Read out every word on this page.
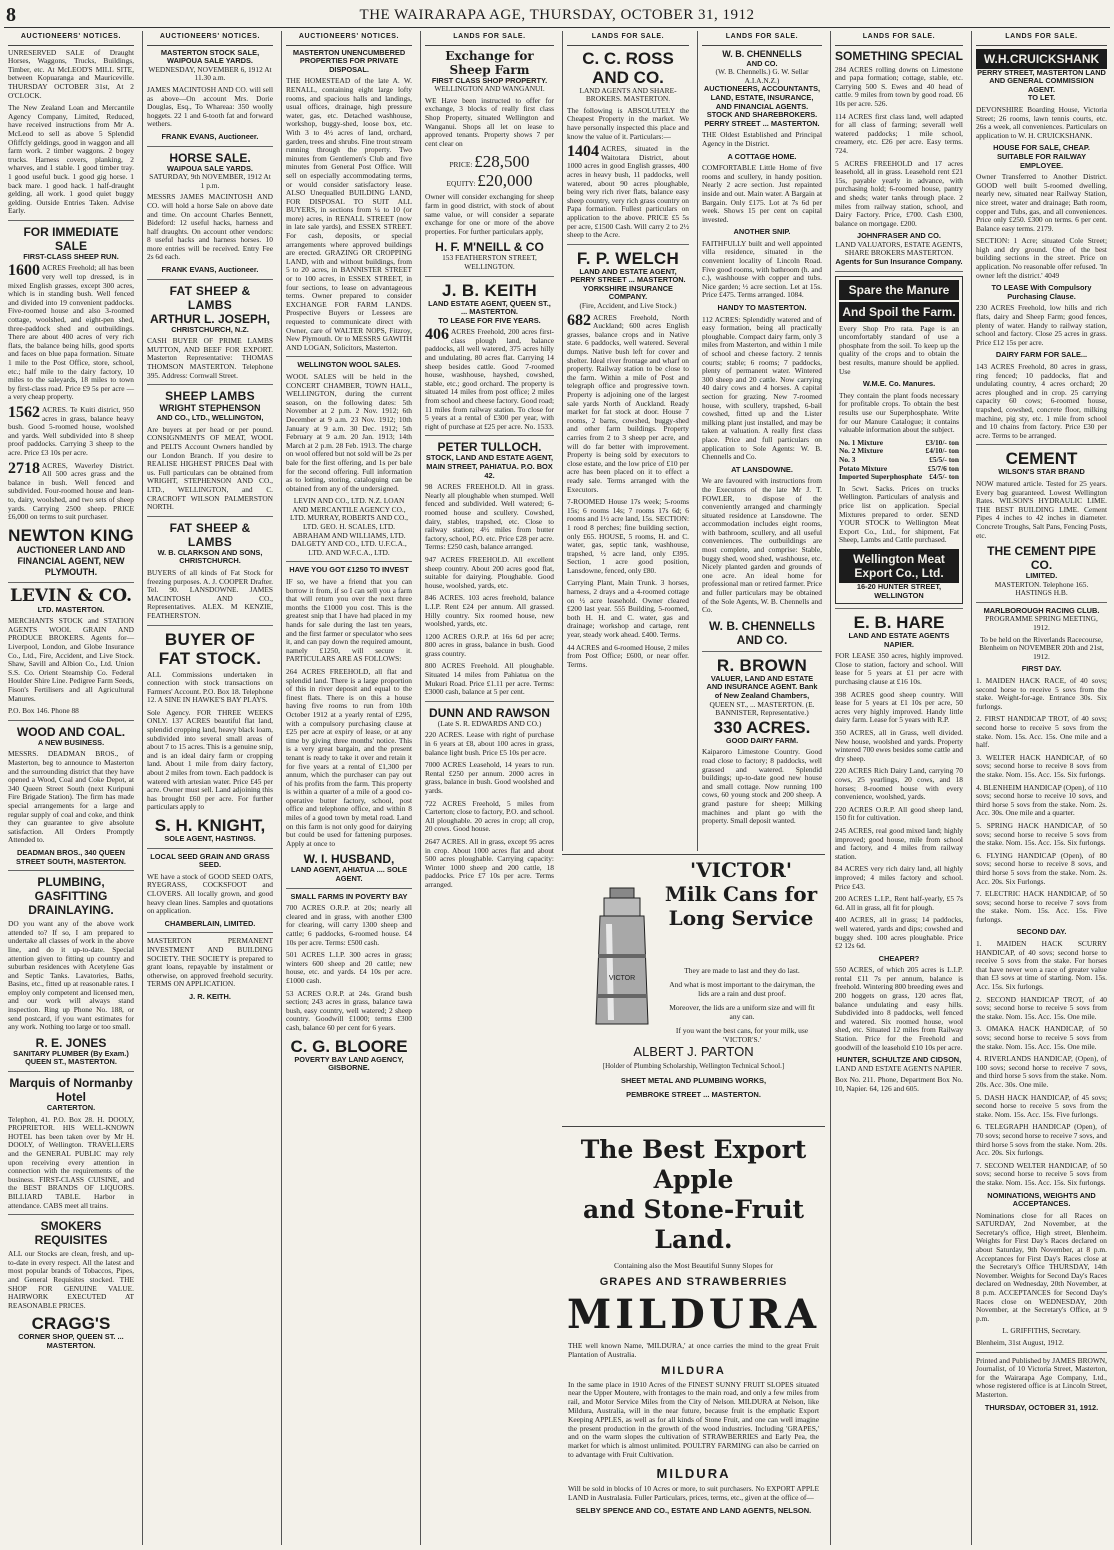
8	THE WAIRARAPA AGE, THURSDAY, OCTOBER 31, 1912
AUCTIONEERS' NOTICES.
UNRESERVED SALE of Draught Horses, Waggons, Trucks, Buildings, Timber, etc. At McLEOD'S MILL SITE, between Kopuaranga and Mauriceville. THURSDAY OCTOBER 31st, At 2 O'CLOCK.
The New Zealand Loan and Mercantile Agency Company, Limited, Reduced, have received instructions from Mr A. McLeod to sell as above 5 Splendid Ofiffcly geldings, good in waggon and all farm work. 2 timber waggons. 2 bogey trucks. Harness covers, planking, 2 wharves, and 1 stable. 1 good timber tray. 1 good useful buck. 1 good gig horse. 1 back mare. 1 good hack. 1 half-draught gelding, all work. 1 good quiet buggy gelding. Outside Entries Taken. Advise Early.
FOR IMMEDIATE SALE
FIRST-CLASS SHEEP RUN.
1600 ACRES Freehold; all has been very well top dressed, is in mixed English grasses, except 300 acres, which is in standing bush. Well fenced and divided into 19 convenient paddocks. Five-roomed house and also 3-roomed cottage, woolshed, and eight-pen shed, three-paddock shed and outbuildings. There are about 400 acres of very rich flats, the balance being hills, good sports and faces on blue papa formation. Situate 1 mile to the Post Office, store, school, etc.; half mile to the dairy factory, 10 miles to the saleyards, 18 miles to town by first-class road. Price £9 5s per acre — a very cheap property.
1562 ACRES. Te Kuiti district, 950 acres in grass, balance heavy bush. Good 5-roomed house, woolshed and yards. Well subdivided into 8 sheep proof paddocks. Carrying 3 sheep to the acre. Price £3 10s per acre.
2718 ACRES, Waverley District. All 500 acres grass and the balance in bush. Well fenced and subdivided. Four-roomed house and lean-to, dairy, woolshed, and two sets of sheep yards. Carrying 2500 sheep. PRICE £6,000 on terms to suit purchaser.
NEWTON KING
AUCTIONEER LAND AND FINANCIAL AGENT, NEW PLYMOUTH.
LEVIN & CO.
LTD. MASTERTON.
MERCHANTS STOCK and STATION AGENTS WOOL GRAIN AND PRODUCE BROKERS. Agents for—Liverpool, London, and Globe Insurance Co., Ltd., Fire, Accident, and Live Stock. Shaw, Savill and Albion Co., Ltd. Union S.S. Co. Orient Steamship Co. Federal Houlder Shire Line. Pedigree Farm Seeds, Fison's Fertilisers and all Agricultural Manures.
P.O. Box 146. Phone 88
WOOD AND COAL.
A NEW BUSINESS.
MESSRS. DEADMAN BROS., of Masterton, beg to announce to Masterton and the surrounding district that they have opened a Wood, Coal and Coke Depot, at 340 Queen Street South (next Kuripuni Fire Brigade Station). The firm has made special arrangements for a large and regular supply of coal and coke, and think they can guarantee to give absolute satisfaction. All Orders Promptly Attended to.
DEADMAN BROS., 340 QUEEN STREET SOUTH, MASTERTON.
PLUMBING, GASFITTING DRAINLAYING.
DO you want any of the above work attended to? If so, I am prepared to undertake all classes of work in the above line, and do it up-to-date. Special attention given to fitting up country and suburban residences with Acetylene Gas and Septic Tanks. Lavatories, Baths, Basins, etc., fitted up at reasonable rates. I employ only competent and licensed men, and our work will always stand inspection. Ring up Phone No. 188, or send postcard, if you want estimates for any work. Nothing too large or too small.
R. E. JONES
SANITARY PLUMBER (By Exam.) QUEEN ST., MASTERTON.
Marquis of Normanby Hotel
CARTERTON.
Telephon, 41. P.O. Box 28. H. DOOLY, PROPRIETOR. HIS WELL-KNOWN HOTEL has been taken over by Mr H. DOOLY, of Wellington. TRAVELLERS and the GENERAL PUBLIC may rely upon receiving every attention in connection with the requirements of the business. FIRST-CLASS CUISINE, and the BEST BRANDS OF LIQUORS. BILLIARD TABLE. Harbor in attendance. CABS meet all trains.
SMOKERS REQUISITES
ALL our Stocks are clean, fresh, and up-to-date in every respect. All the latest and most popular brands of Tobaccos, Pipes, and General Requisites stocked. THE SHOP FOR GENUINE VALUE. HAIRWORK EXECUTED AT REASONABLE PRICES.
CRAGG'S
CORNER SHOP, QUEEN ST. ... MASTERTON.
AUCTIONEERS' NOTICES.
MASTERTON STOCK SALE,
WAIPOUA SALE YARDS.
WEDNESDAY, NOVEMBER 6, 1912 At 11.30 a.m.
JAMES MACINTOSH AND CO. will sell as above—On account Mrs. Dorie Douglas, Esq., To Whareaa: 350 woolly hoggets. 22 1 and 6-tooth fat and forward wethers.
FRANK EVANS, Auctioneer.
HORSE SALE.
WAIPOUA SALE YARDS.
SATURDAY, 9th NOVEMBER, 1912 At 1 p.m.
MESSRS JAMES MACINTOSH AND CO. will hold a horse Sale on above date and time. On account Charles Bennett, Bideford: 12 useful hacks, harness and half draughts. On account other vendors: 8 useful hacks and harness horses. 10 more entries will be received. Entry Fee 2s 6d each.
FRANK EVANS, Auctioneer.
FAT SHEEP & LAMBS
ARTHUR L. JOSEPH,
CHRISTCHURCH, N.Z.
CASH BUYER OF PRIME LAMBS MUTTON, AND BEEF FOR EXPORT. Masterton Representative: THOMAS THOMSON MASTERTON. Telephone 395. Address: Cornwall Street.
SHEEP LAMBS
WRIGHT STEPHENSON
AND CO., LTD., WELLINGTON,
Are buyers at per head or per pound. CONSIGNMENTS OF MEAT, WOOL and PELTS Account Owners handled by our London Branch. If you desire to REALISE HIGHEST PRICES Deal with us. Full particulars can be obtained from WRIGHT, STEPHENSON AND CO., LTD., WELLINGTON, and C. CRACROFT WILSON PALMERSTON NORTH.
FAT SHEEP & LAMBS
W. B. CLARKSON AND SONS, CHRISTCHURCH.
BUYERS of all kinds of Fat Stock for freezing purposes. A. J. COOPER Drafter. Tel. 90. LANSDOWNE. JAMES MACINTOSH AND CO., Representatives. ALEX. M KENZIE, FEATHERSTON.
BUYER OF FAT STOCK.
ALL Commissions undertaken in connection with stock transactions on Farmers' Account. P.O. Box 18. Telephone 12. A SINE IN HAWKE'S BAY PLAYS.
Sole Agency. FOR THREE WEEKS ONLY. 137 ACRES beautiful flat land, splendid cropping land, heavy black loam, subdivided into several small areas of about 7 to 15 acres. This is a genuine snip, and is an ideal dairy farm or cropping land. About 1 mile from dairy factory, about 2 miles from town. Each paddock is watered with artesian water. Price £45 per acre. Owner must sell. Land adjoining this has brought £60 per acre. For further particulars apply to
S. H. KNIGHT,
SOLE AGENT, HASTINGS.
LOCAL SEED GRAIN AND GRASS SEED.
WE have a stock of GOOD SEED OATS, RYEGRASS, COCKSFOOT and CLOVERS. All locally grown, and good heavy clean lines. Samples and quotations on application.
CHAMBERLAIN, LIMITED.
MASTERTON PERMANENT INVESTMENT AND BUILDING SOCIETY. THE SOCIETY is prepared to grant loans, repayable by instalment or otherwise, on approved freehold security. TERMS ON APPLICATION.
J. R. KEITH.
AUCTIONEERS' NOTICES.
MASTERTON UNENCUMBERED PROPERTIES FOR PRIVATE DISPOSAL.
THE HOMESTEAD of the late A. W. RENALL, containing eight large lofty rooms, and spacious halls and landings, usual offices, drainage, high pressure water, gas, etc. Detached washhouse, workshop, buggy-shed, loose box, etc. With 3 to 4½ acres of land, orchard, garden, trees and shrubs. Fine trout stream running through the property. Two minutes from Gentlemen's Club and five minutes from General Post Office. Will sell on especially accommodating terms, or would consider satisfactory lease. ALSO Unequalled BUILDING LAND, FOR DISPOSAL TO SUIT ALL BUYERS, in sections from ¼ to 10 (or more) acres, in RENALL STREET (now in late sale yards), and ESSEX STREET. For cash, deposits, or special arrangements where approved buildings are erected. GRAZING OR CROPPING LAND, with and without buildings, from 5 to 20 acres, in BANNISTER STREET or to 100 acres, in ESSEX STREET, in four sections, to lease on advantageous terms. Owner prepared to consider EXCHANGE FOR FARM LANDS. Prospective Buyers or Lessees are requested to communicate direct with Owner, care of WALTER NOPS, Fitzroy, New Plymouth. Or to MESSRS GAWITH AND LOGAN, Solicitors, Masterton.
WELLINGTON WOOL SALES.
WOOL SALES will be held in the CONCERT CHAMBER, TOWN HALL, WELLINGTON, during the current season, on the following dates: 5th November at 2 p.m. 2 Nov. 1912; 6th December at 9 a.m. 23 Nov. 1912; 10th January at 9 a.m. 30 Dec. 1912; 5th February at 9 a.m. 20 Jan. 1913; 14th March at 2 p.m. 28 Feb. 1913. The charge on wool offered but not sold will be 2s per bale for the first offering, and 1s per bale for the second offering. Full information as to lotting, storing, cataloguing can be obtained from any of the undersigned.
LEVIN AND CO., LTD. N.Z. LOAN AND MERCANTILE AGENCY CO., LTD. MURRAY, ROBERTS AND CO., LTD. GEO. H. SCALES, LTD. ABRAHAM AND WILLIAMS, LTD. DALGETY AND CO., LTD. U.F.C.A., LTD. AND W.F.C.A., LTD.
HAVE YOU GOT £1250 TO INVEST
IF so, we have a friend that you can borrow it from, if so I can sell you a farm that will return you over the next three months the £1000 you cost. This is the greatest snip that I have had placed in my hands for sale during the last ten years, and the first farmer or speculator who sees it, and can pay down the required amount, namely £1250, will secure it. PARTICULARS ARE AS FOLLOWS:
264 ACRES FREEHOLD, all flat and splendid land. There is a large proportion of this in river deposit and equal to the finest flats. There is on this a house having five rooms to run from 10th October 1912 at a yearly rental of £295, with a compulsory purchasing clause at £25 per acre at expiry of lease, or at any time by giving three months' notice. This is a very great bargain, and the present tenant is ready to take it over and retain it for five years at a rental of £1,300 per annum, which the purchaser can pay out of his profits from the farm. This property is within a quarter of a mile of a good co-operative butter factory, school, post office and telephone office, and within 8 miles of a good town by metal road. Land on this farm is not only good for dairying but could be used for fattening purposes. Apply at once to
W. I. HUSBAND,
LAND AGENT, AHIATUA .... SOLE AGENT.
SMALL FARMS IN POVERTY BAY
700 ACRES O.R.P. at 20s; nearly all cleared and in grass, with another £300 for clearing, will carry 1300 sheep and cattle; 6 paddocks, 6-roomed house. £4 10s per acre. Terms: £500 cash.
501 ACRES L.I.P. 300 acres in grass; winters 600 sheep and 20 cattle; new house, etc. and yards. £4 10s per acre. £1000 cash.
53 ACRES O.R.P. at 24s. Grand bush section; 243 acres in grass, balance tawa bush, easy country, well watered; 2 sheep country. Goodwill £1000; terms £300 cash, balance 60 per cent for 6 years.
C. G. BLOORE
POVERTY BAY LAND AGENCY, GISBORNE.
LANDS FOR SALE.
Exchange for Sheep Farm
FIRST CLASS SHOP PROPERTY.
WELLINGTON AND WANGANUI.
WE Have been instructed to offer for exchange, 3 blocks of really first class Shop Property, situated Wellington and Wanganui. Shops all let on lease to approved tenants. Property shows 7 per cent clear on
PRICE: £28,500
EQUITY: £20,000
Owner will consider exchanging for sheep farm in good district, with stock of about same value, or will consider a separate exchange for one or more of the above properties. For further particulars apply,
H. F. M'NEILL & CO
153 FEATHERSTON STREET, WELLINGTON.
J. B. KEITH
LAND ESTATE AGENT, QUEEN ST., ... MASTERTON.
TO LEASE FOR FIVE YEARS.
406 ACRES Freehold, 200 acres first-class plough land, balance paddocks, all well watered, 375 acres hilly and undulating, 80 acres flat. Carrying 14 sheep besides cattle. Good 7-roomed house, washhouse, hayshed, cowshed, stable, etc.; good orchard. The property is situated 14 miles from post office; 2 miles from school and cheese factory. Good road; 11 miles from railway station. To close for 5 years at a rental of £300 per year, with right of purchase at £25 per acre. No. 1533.
PETER TULLOCH.
STOCK, LAND AND ESTATE AGENT, MAIN STREET, PAHIATUA. P.O. BOX 42.
98 ACRES FREEHOLD. All in grass. Nearly all ploughable when stumped. Well fenced and subdivided. Well watered; 6-roomed house and scullery. Cowshed, dairy, stables, trapshed, etc. Close to railway station; 4½ miles from butter factory, school, P.O. etc. Price £28 per acre. Terms: £250 cash, balance arranged.
947 ACRES FREEHOLD. All excellent sheep country. About 200 acres good flat, suitable for dairying. Ploughable. Good house, woolshed, yards, etc.
846 ACRES. 103 acres freehold, balance L.I.P. Rent £24 per annum. All grassed. Hilly country. Six roomed house, new woolshed, yards, etc.
1200 ACRES O.R.P. at 16s 6d per acre; 800 acres in grass, balance in bush. Good grass country.
800 ACRES Freehold. All ploughable. Situated 14 miles from Pahiatua on the Mukuri Road. Price £1.11 per acre. Terms: £3000 cash, balance at 5 per cent.
DUNN AND RAWSON
(Late S. R. EDWARDS AND CO.)
220 ACRES. Lease with right of purchase in 6 years at £8, about 100 acres in grass, balance light bush. Price £5 10s per acre.
7000 ACRES Leasehold, 14 years to run. Rental £250 per annum. 2000 acres in grass, balance in bush. Good woolshed and yards.
722 ACRES Freehold, 5 miles from Carterton; close to factory, P.O. and school. All ploughable. 20 acres in crop; all crop, 20 cows. Good house.
2647 ACRES. All in grass, except 95 acres in crop. About 1000 acres flat and about 500 acres ploughable. Carrying capacity: Winter 1000 sheep and 200 cattle, 18 paddocks. Price £7 10s per acre. Terms arranged.
LANDS FOR SALE.
C. C. ROSS AND CO.
LAND AGENTS AND SHARE-BROKERS. MASTERTON.
The following is ABSOLUTELY the Cheapest Property in the market. We have personally inspected this place and know the value of it. Particulars:—
1404 ACRES, situated in the Waitotara District, about 1000 acres in good English grasses, 400 acres in heavy bush, 11 paddocks, well watered, about 90 acres ploughable, being very rich river flats, balance easy sheep country, very rich grass country on Papa formation. Fullest particulars on application to the above. PRICE £5 5s per acre, £1500 Cash. Will carry 2 to 2½ sheep to the Acre.
F. P. WELCH
LAND AND ESTATE AGENT, PERRY STREET ... MASTERTON.
YORKSHIRE INSURANCE COMPANY.
(Fire, Accident, and Live Stock.)
682 ACRES Freehold, North Auckland; 600 acres English grasses, balance crops and in Native state. 6 paddocks, well watered. Several dumps. Native bush left for cover and shelter. Ideal river frontage and wharf on property. Railway station to be close to the farm. Within a mile of Post and telegraph office and progressive town. Property is adjoining one of the largest sale yards North of Auckland. Ready market for fat stock at door. House 7 rooms, 2 barns, cowshed, buggy-shed and other farm buildings. Property carries from 2 to 3 sheep per acre, and will do far better with improvement. Property is being sold by executors to close estate, and the low price of £10 per acre has been placed on it to effect a ready sale. Terms arranged with the Executors.
7-ROOMED House 17s week; 5-rooms 15s; 6 rooms 14s; 7 rooms 17s 6d; 6 rooms and 1½ acre land, 15s. SECTION: 1 rood 8 perches; fine building section, only £65. HOUSE, 5 rooms, H. and C. water, gas, septic tank, washhouse, trapshed, ½ acre land, only £395. Section, 1 acre good position, Lansdowne, fenced, only £80.
Carrying Plant, Main Trunk. 3 horses, harness, 2 drays and a 4-roomed cottage on ½ acre leasehold. Owner cleared £200 last year. 555 Building, 5-roomed, both H. H. and C. water, gas and drainage; workshop and cartage, rent year, steady work ahead. £400. Terms.
44 ACRES and 6-roomed House, 2 miles from Post Office; £600, or near offer. Terms.
LANDS FOR SALE.
W. B. CHENNELLS
AND CO.
(W. B. Chennells.) G. W. Sellar A.I.A.N.Z.)
AUCTIONEERS, ACCOUNTANTS, LAND, ESTATE, INSURANCE, AND FINANCIAL AGENTS. STOCK AND SHAREBROKERS. PERRY STREET ... MASTERTON.
THE Oldest Established and Principal Agency in the District.
A COTTAGE HOME.
COMFORTABLE Little Home of five rooms and scullery, in handy position. Nearly 2 acre section. Just repainted inside and out. Main water. A Bargain at Bargain. Only £175. Lot at 7s 6d per week. Shows 15 per cent on capital invested.
ANOTHER SNIP.
FAITHFULLY built and well appointed villa residence, situated in the convenient locality of Lincoln Road. Five good rooms, with bathroom (h. and c.), washhouse with copper and tubs. Nice garden; ½ acre section. Let at 15s. Price £475. Terms arranged. 1084.
HANDY TO MASTERTON.
112 ACRES: Splendidly watered and of easy formation, being all practically ploughable. Compact dairy farm, only 3 miles from Masterton, and within 1 mile of school and cheese factory. 2 tennis courts; stable; 6 rooms; 7 paddocks, plenty of permanent water. Wintered 300 sheep and 20 cattle. Now carrying 40 dairy cows and 4 horses. A capital section for grazing. New 7-roomed house, with scullery, trapshed, 6-bail cowshed, fitted up and the Lister milking plant just installed, and may be taken at valuation. A really first class place. Price and full particulars on application to Sole Agents: W. B. Chennells and Co.
AT LANSDOWNE.
We are favoured with instructions from the Executors of the late Mr J. T. FOWLER, to dispose of the conveniently arranged and charmingly situated residence at Lansdowne. The accommodation includes eight rooms, with bathroom, scullery, and all useful conveniences. The outbuildings are most complete, and comprise: Stable, buggy shed, wood shed, washhouse, etc. Nicely planted garden and grounds of one acre. An ideal home for professional man or retired farmer. Price and fuller particulars may be obtained of the Sole Agents, W. B. Chennells and Co.
W. B. CHENNELLS AND CO.
R. BROWN
VALUER, LAND AND ESTATE AND INSURANCE AGENT. Bank of New Zealand Chambers,
QUEEN ST., ... MASTERTON. (E. BANNISTER, Representative.)
330 ACRES.
GOOD DAIRY FARM.
Kaiparoro Limestone Country. Good road close to factory; 8 paddocks, well grassed and watered. Splendid buildings; up-to-date good new house and small cottage. Now running 100 cows, 60 young stock and 200 sheep. A grand pasture for sheep; Milking machines and plant go with the property. Small deposit wanted.
'VICTOR' Milk Cans for Long Service
They are made to last and they do last.
And what is most important to the dairyman, the lids are a rain and dust proof.
Moreover, the lids are a uniform size and will fit any can.
If you want the best cans, for your milk, use 'VICTOR'S.'
VICTOR
ALBERT J. PARTON
[Holder of Plumbing Scholarship, Wellington Technical School.]
SHEET METAL AND PLUMBING WORKS,
PEMBROKE STREET ... MASTERTON.
The Best Export Apple
and Stone-Fruit Land.
Containing also the Most Beautiful Sunny Slopes for
GRAPES AND STRAWBERRIES
MILDURA
THE well known Name, 'MILDURA,' at once carries the mind to the great Fruit Plantation of Australia.
MILDURA
In the same place in 1910 Acres of the FINEST SUNNY FRUIT SLOPES situated near the Upper Moutere, with frontages to the main road, and only a few miles from rail, and Motor Service Miles from the City of Nelson. MILDURA at Nelson, like Mildura, Australia, will in the near future, because fruit is the emphatic Export Keeping APPLES, as well as for all kinds of Stone Fruit, and one can well imagine the present production in the growth of the wood industries. Including 'GRAPES,' and on the warm slopes the cultivation of STRAWBERRIES and Early Pea, the market for which is almost unlimited. POULTRY FARMING can also be carried on to advantage with Fruit Cultivation.
MILDURA
Will be sold in blocks of 10 Acres or more, to suit purchasers. No EXPORT APPLE LAND in Australasia. Fuller Particulars, prices, terms, etc., given at the office of—
SELBY SPENCE AND CO., ESTATE AND LAND AGENTS, NELSON.
LANDS FOR SALE.
SOMETHING SPECIAL
284 ACRES rolling downs on Limestone and papa formation; cottage, stable, etc. Carrying 500 S. Ewes and 40 head of cattle. 9 miles from town by good road. £6 10s per acre. 526.
114 ACRES first class land, well adapted for all class of farming; severall well watered paddocks; 1 mile school, creamery, etc. £26 per acre. Easy terms. 724.
5 ACRES FREEHOLD and 17 acres leasehold, all in grass. Leasehold rent £21 15s, payable yearly in advance, with purchasing hold; 6-roomed house, pantry and sheds; water tanks through place. 2 miles from railway station, school, and Dairy Factory. Price, £700. Cash £300, balance on mortgage. £200.
JOHNFRASER AND CO.
LAND VALUATORS, ESTATE AGENTS, SHARE BROKERS MASTERTON.
Agents for Sun Insurance Company.
Spare the Manure
And Spoil the Farm.
Every Shop Pro rata. Page is an uncomfortably standard of use a phosphate from the soil. To keep up the quality of the crops and to obtain the best results, manure should be applied. Use
W.M.E. Co. Manures.
They contain the plant foods necessary for profitable crops. To obtain the best results use our Superphosphate. Write for our Manure Catalogue; it contains valuable information about the subject.
No. 1 Mixture	£3/10/- ton
No. 2 Mixture	£4/10/- ton
No. 3	£5/5/- ton
Potato Mixture	£5/7/6 ton
Imported Superphosphate £4/5/- ton
In 5cwt. Sacks. Prices on trucks Wellington. Particulars of analysis and price list on application. Special Mixtures prepared to order. SEND YOUR STOCK to Wellington Meat Export Co., Ltd., for shipment, Fat Sheep, Lambs and Cattle purchased.
Wellington Meat Export Co., Ltd.
16-20 HUNTER STREET, WELLINGTON
E. B. HARE
LAND AND ESTATE AGENTS NAPIER.
FOR LEASE 350 acres, highly improved. Close to station, factory and school. Will lease for 5 years at £1 per acre with purchasing clause at £16 10s.
398 ACRES good sheep country. Will lease for 5 years at £1 10s per acre, 50 acres very highly improved. Handy little dairy farm. Lease for 5 years with R.P.
350 ACRES, all in Grass, well divided. New house, woolshed and yards. Property wintered 700 ewes besides some cattle and dry sheep.
220 ACRES Rich Dairy Land, carrying 70 cows, 25 yearlings, 20 cows, and 18 horses; 8-roomed house with every convenience, woolshed, yards.
220 ACRES O.R.P. All good sheep land, 150 fit for cultivation.
245 ACRES, real good mixed land; highly improved; good house, mile from school and factory, and 4 miles from railway station.
84 ACRES very rich dairy land, all highly improved; 4 miles factory and school. Price £43.
200 ACRES L.I.P., Rent half-yearly, £5 7s 6d. All in grass, all fit for plough.
400 ACRES, all in grass; 14 paddocks, well watered, yards and dips; cowshed and buggy shed. 100 acres ploughable. Price £2 12s 6d.
CHEAPER?
550 ACRES, of which 205 acres is L.I.P. rental £11 7s per annum, balance is freehold. Wintering 800 breeding ewes and 200 hoggets on grass, 120 acres flat, balance undulating and easy hills. Subdivided into 8 paddocks, well fenced and watered. Six roomed house, wool shed, etc. Situated 12 miles from Railway Station. Price for the Freehold and goodwill of the leasehold £10 10s per acre.
HUNTER, SCHULTZE AND CIDSON,
LAND AND ESTATE AGENTS NAPIER.
Box No. 211. Phone, Department Box No. 10, Napier. 64, 126 and 605.
LANDS FOR SALE.
W.H.CRUICKSHANK
PERRY STREET, MASTERTON LAND AND GENERAL COMMISSION AGENT.
TO LET.
DEVONSHIRE Boarding House, Victoria Street; 26 rooms, lawn tennis courts, etc. 26s a week, all conveniences. Particulars on application to W. H. CRUICKSHANK.
HOUSE FOR SALE, CHEAP. SUITABLE FOR RAILWAY EMPLOYEE.
Owner Transferred to Another District. GOOD well built 5-roomed dwelling, nearly new, situated near Railway Station, nice street, water and drainage; Bath room, copper and Tubs, gas, and all conveniences. Price only £250. £300 on terms. 6 per cent. Balance easy terms. 2179.
SECTION: 1 Acre; situated Cole Street; high and dry ground. One of the best building sections in the street. Price on application. No reasonable offer refused. 'In owner left the district.' 4049
TO LEASE With Compulsory Purchasing Clause.
230 ACRES Freehold, low hills and rich flats, dairy and Sheep Farm; good fences, plenty of water. Handy to railway station, school and factory. Close 25 acres in grass. Price £12 15s per acre.
DAIRY FARM FOR SALE...
143 ACRES Freehold, 80 acres in grass, ring fenced; 10 paddocks, flat and undulating country, 4 acres orchard; 20 acres ploughed and in crop. 25 carrying capacity 60 cows; 6-roomed house, trapshed, cowshed, concrete floor, milking machine, pig sty, etc. 1 mile from school and 10 chains from factory. Price £30 per acre. Terms to be arranged.
CEMENT
WILSON'S STAR BRAND
NOW matured article. Tested for 25 years. Every bag guaranteed. Lowest Wellington Rates. WILSON'S HYDRAULIC LIME. THE BEST BUILDING LIME. Cement Pipes 4 inches to 42 inches in diameter. Concrete Troughs, Salt Pans, Fencing Posts, etc.
THE CEMENT PIPE CO.
LIMITED.
MASTERTON. Telephone 165. HASTINGS H.B.
MARLBOROUGH RACING CLUB.
PROGRAMME SPRING MEETING, 1912.
To be held on the Riverlands Racecourse, Blenheim on NOVEMBER 20th and 21st, 1912.
FIRST DAY.
1. MAIDEN HACK RACE, of 40 sovs; second horse to receive 5 sovs from the stake. Weight-for-age. Entrance 30s. Six furlongs.
2. FIRST HANDICAP TROT, of 40 sovs; second horse to receive 5 sovs from the stake. Nom. 15s. Acc. 15s. One mile and a half.
3. WELTER HACK HANDICAP, of 60 sovs; second horse to receive 8 sovs from the stake. Nom. 15s. Acc. 15s. Six furlongs.
4. BLENHEIM HANDICAP (Open), of 110 sovs; second horse to receive 10 sovs, and third horse 5 sovs from the stake. Nom. 2s. Acc. 30s. One mile and a quarter.
5. SPRING HACK HANDICAP, of 50 sovs; second horse to receive 5 sovs from the stake. Nom. 15s. Acc. 15s. Six furlongs.
6. FLYING HANDICAP (Open), of 80 sovs; second horse to receive 8 sovs, and third horse 5 sovs from the stake. Nom. 2s. Acc. 20s. Six Furlongs.
7. ELECTRIC HACK HANDICAP, of 50 sovs; second horse to receive 7 sovs from the stake. Nom. 15s. Acc. 15s. Five furlongs.
SECOND DAY.
1. MAIDEN HACK SCURRY HANDICAP, of 40 sovs; second horse to receive 5 sovs from the stake. For horses that have never won a race of greater value than £3 sovs at time of starting. Nom. 15s. Acc. 15s. Six furlongs.
2. SECOND HANDICAP TROT, of 40 sovs; second horse to receive 5 sovs from the stake. Nom. 15s. Acc. 15s. One mile.
3. OMAKA HACK HANDICAP, of 50 sovs; second horse to receive 5 sovs from the stake. Nom. 15s. Acc. 15s. One mile.
4. RIVERLANDS HANDICAP, (Open), of 100 sovs; second horse to receive 7 sovs, and third horse 5 sovs from the stake. Nom. 20s. Acc. 30s. One mile.
5. DASH HACK HANDICAP, of 45 sovs; second horse to receive 5 sovs from the stake. Nom. 15s. Acc. 15s. Five furlongs.
6. TELEGRAPH HANDICAP (Open), of 70 sovs; second horse to receive 7 sovs, and third horse 5 sovs from the stake. Nom. 20s. Acc. 20s. Six furlongs.
7. SECOND WELTER HANDICAP, of 50 sovs; second horse to receive 5 sovs from the stake. Nom. 15s. Acc. 15s. Six furlongs.
NOMINATIONS, WEIGHTS AND ACCEPTANCES.
Nominations close for all Races on SATURDAY, 2nd November, at the Secretary's office, High street, Blenheim. Weights for First Day's Races declared on about Saturday, 9th November, at 8 p.m. Acceptances for First Day's Races close at the Secretary's Office THURSDAY, 14th November. Weights for Second Day's Races declared on Wednesday, 20th November, at 8 p.m. ACCEPTANCES for Second Day's Races close on WEDNESDAY, 20th November, at the Secretary's Office, at 9 p.m.
L. GRIFFITHS, Secretary.
Blenheim, 31st August, 1912.
Printed and Published by JAMES BROWN, Journalist, of 10 Victoria Street, Masterton, for the Wairarapa Age Company, Ltd., whose registered office is at Lincoln Street, Masterton.
THURSDAY, OCTOBER 31, 1912.
